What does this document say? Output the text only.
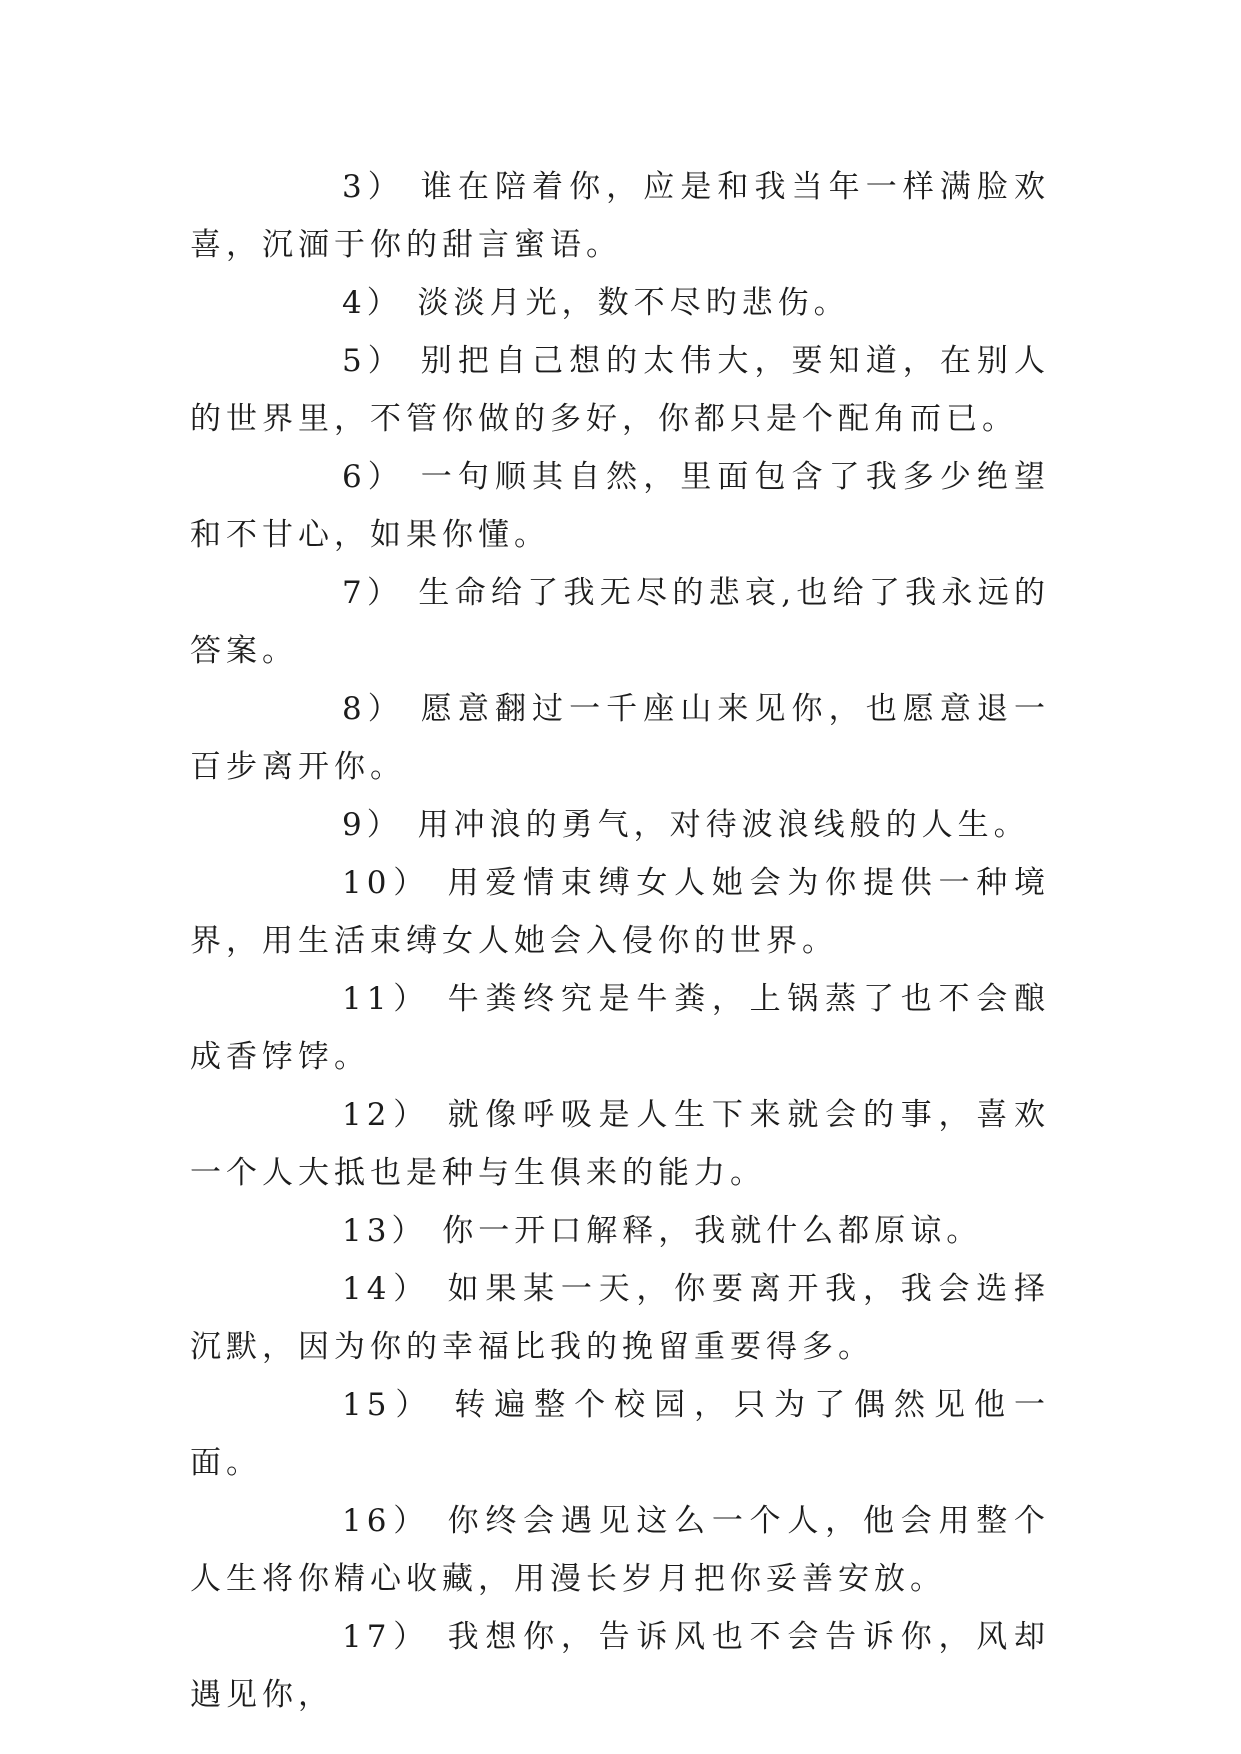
3） 谁在陪着你，应是和我当年一样满脸欢喜，沉湎于你的甜言蜜语。

4） 淡淡月光，数不尽旳悲伤。

5） 别把自己想的太伟大，要知道，在别人的世界里，不管你做的多好，你都只是个配角而已。

6） 一句顺其自然，里面包含了我多少绝望和不甘心，如果你懂。

7） 生命给了我无尽的悲哀,也给了我永远的答案。

8） 愿意翻过一千座山来见你，也愿意退一百步离开你。

9） 用冲浪的勇气，对待波浪线般的人生。

10） 用爱情束缚女人她会为你提供一种境界，用生活束缚女人她会入侵你的世界。

11） 牛粪终究是牛粪，上锅蒸了也不会酿成香饽饽。

12） 就像呼吸是人生下来就会的事，喜欢一个人大抵也是种与生俱来的能力。

13） 你一开口解释，我就什么都原谅。

14） 如果某一天，你要离开我，我会选择沉默，因为你的幸福比我的挽留重要得多。

15） 转遍整个校园，只为了偶然见他一面。

16） 你终会遇见这么一个人，他会用整个人生将你精心收藏，用漫长岁月把你妥善安放。

17） 我想你，告诉风也不会告诉你，风却遇见你，
